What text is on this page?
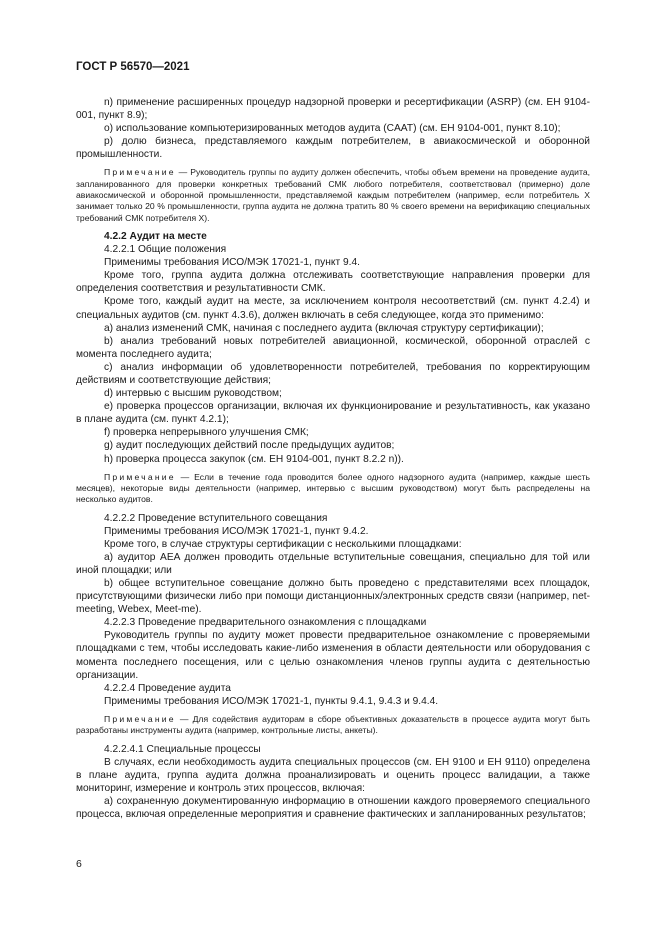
ГОСТ Р 56570—2021

n) применение расширенных процедур надзорной проверки и ресертификации (ASRP) (см. ЕН 9104-001, пункт 8.9);

o) использование компьютеризированных методов аудита (CAAT) (см. ЕН 9104-001, пункт 8.10);

p) долю бизнеса, представляемого каждым потребителем, в авиакосмической и оборонной промышленности.

Примечание — Руководитель группы по аудиту должен обеспечить, чтобы объем времени на проведение аудита, запланированного для проверки конкретных требований СМК любого потребителя, соответствовал (примерно) доле авиакосмической и оборонной промышленности, представляемой каждым потребителем (например, если потребитель X занимает только 20 % промышленности, группа аудита не должна тратить 80 % своего времени на верификацию специальных требований СМК потребителя X).

4.2.2 Аудит на месте

4.2.2.1 Общие положения

Применимы требования ИСО/МЭК 17021-1, пункт 9.4.

Кроме того, группа аудита должна отслеживать соответствующие направления проверки для определения соответствия и результативности СМК.

Кроме того, каждый аудит на месте, за исключением контроля несоответствий (см. пункт 4.2.4) и специальных аудитов (см. пункт 4.3.6), должен включать в себя следующее, когда это применимо:

a) анализ изменений СМК, начиная с последнего аудита (включая структуру сертификации);

b) анализ требований новых потребителей авиационной, космической, оборонной отраслей с момента последнего аудита;

c) анализ информации об удовлетворенности потребителей, требования по корректирующим действиям и соответствующие действия;

d) интервью с высшим руководством;

e) проверка процессов организации, включая их функционирование и результативность, как указано в плане аудита (см. пункт 4.2.1);

f) проверка непрерывного улучшения СМК;

g) аудит последующих действий после предыдущих аудитов;

h) проверка процесса закупок (см. ЕН 9104-001, пункт 8.2.2 n)).

Примечание — Если в течение года проводится более одного надзорного аудита (например, каждые шесть месяцев), некоторые виды деятельности (например, интервью с высшим руководством) могут быть распределены на несколько аудитов.

4.2.2.2 Проведение вступительного совещания

Применимы требования ИСО/МЭК 17021-1, пункт 9.4.2.

Кроме того, в случае структуры сертификации с несколькими площадками:

a) аудитор AEA должен проводить отдельные вступительные совещания, специально для той или иной площадки; или

b) общее вступительное совещание должно быть проведено с представителями всех площадок, присутствующими физически либо при помощи дистанционных/электронных средств связи (например, net-meeting, Webex, Meet-me).

4.2.2.3 Проведение предварительного ознакомления с площадками

Руководитель группы по аудиту может провести предварительное ознакомление с проверяемыми площадками с тем, чтобы исследовать какие-либо изменения в области деятельности или оборудования с момента последнего посещения, или с целью ознакомления членов группы аудита с деятельностью организации.

4.2.2.4 Проведение аудита

Применимы требования ИСО/МЭК 17021-1, пункты 9.4.1, 9.4.3 и 9.4.4.

Примечание — Для содействия аудиторам в сборе объективных доказательств в процессе аудита могут быть разработаны инструменты аудита (например, контрольные листы, анкеты).

4.2.2.4.1 Специальные процессы

В случаях, если необходимость аудита специальных процессов (см. ЕН 9100 и ЕН 9110) определена в плане аудита, группа аудита должна проанализировать и оценить процесс валидации, а также мониторинг, измерение и контроль этих процессов, включая:

a) сохраненную документированную информацию в отношении каждого проверяемого специального процесса, включая определенные мероприятия и сравнение фактических и запланированных результатов;

6
